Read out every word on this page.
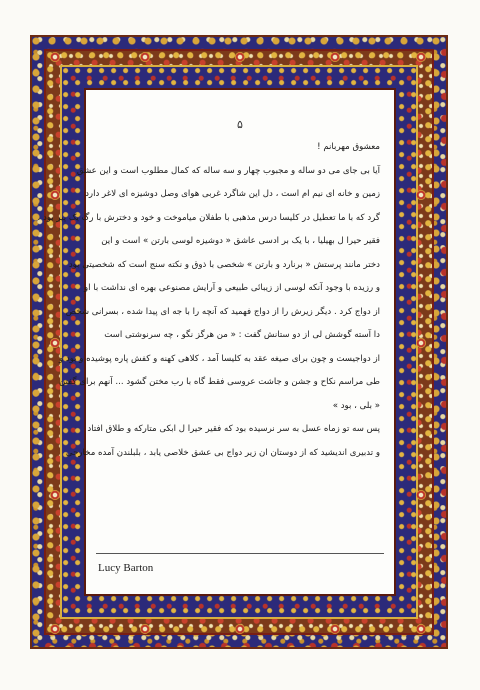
۵
معشوق مهربانم !
آیا بی جای می دو ساله و مجبوب چهار و سه ساله که کمال مطلوب است و این عشق
زمین و خانه ای نیم ام است ، دل این شاگرد غربی هوای وصل دوشیزه ای لاغر دارد
گرد که با ما تعطیل در کلیسا درس مذهبی با طفلان میاموخت و خود و دخترش با رگ یک پیر بود .
فقیر حیرا ل بهیلیا ، با یک بر ادسی عاشق « دوشیزه لوسی بارتن » است و این
دختر مانند پرستش « برنارد و بارتن » شخصی با ذوق و نکته سنج است که شخصیتی بود
و رزیده با وجود آنکه لوسی از زیبائی طبیعی و آرایش مصنوعی بهره ای نداشت با او
از دواج کرد . دیگر زیرش را از دواج فهمید که آنچه را با جه ای پیدا شده ، بسرانی شخص
دا آسته گوشش لی از دو ستانش گفت : « من هرگز نگو ، چه سرنوشتی است
از دواجیست و چون برای صیغه عقد به کلیسا آمد ، کلاهی کهنه و کفش پاره پوشیده و بود و
طی مراسم نکاح و جشن و جاشت عروسی فقط گاه با رب مختن گشود ... آنهم برای گفتن
« بلی ، بود »
پس سه تو زماه عسل به سر نرسیده بود که فقیر حیرا ل ابکی متارکه و طلاق افتاد
و تدبیری اندیشید که از دوستان ان زیر دواج بی عشق خلاصی یابد ، بلبلندن آمده مخارجی
Lucy Barton
